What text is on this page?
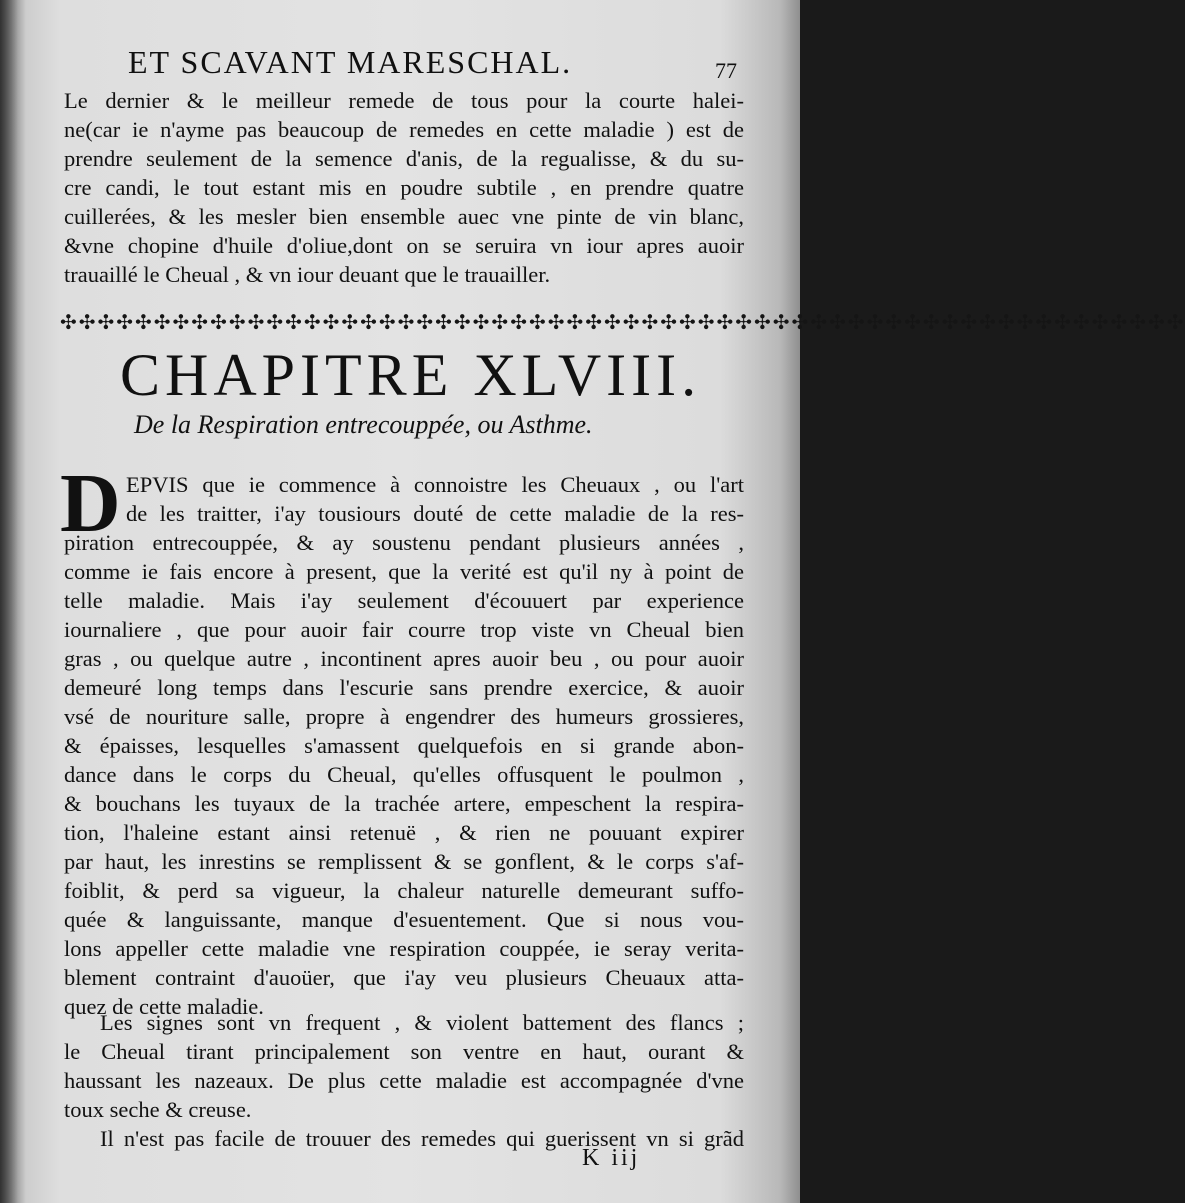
ET SCAVANT MARESCHAL.	77
Le dernier & le meilleur remede de tous pour la courte halei-
ne(car ie n'ayme pas beaucoup de remedes en cette maladie ) est de
prendre seulement de la semence d'anis, de la regualisse, & du su-
cre candi, le tout estant mis en poudre subtile , en prendre quatre
cuillerées, & les mesler bien ensemble auec vne pinte de vin blanc,
&vne chopine d'huile d'oliue,dont on se seruira vn iour apres auoir
trauaillé le Cheual , & vn iour deuant que le trauailler.
✣✣✣✣✣✣✣✣✣✣✣✣✣✣✣✣✣✣✣✣✣✣✣✣✣✣✣✣✣✣✣✣✣✣✣✣✣✣✣✣✣✣✣✣✣✣✣✣✣✣✣✣✣✣✣✣✣✣✣✣
CHAPITRE XLVIII.
De la Respiration entrecouppée, ou Asthme.
D EPVIS que ie commence à connoistre les Cheuaux , ou l'art
de les traitter, i'ay tousiours douté de cette maladie de la res-
piration entrecouppée, & ay soustenu pendant plusieurs années ,
comme ie fais encore à present, que la verité est qu'il ny à point de
telle maladie. Mais i'ay seulement d'écouuert par experience
iournaliere , que pour auoir fair courre trop viste vn Cheual bien
gras , ou quelque autre , incontinent apres auoir beu , ou pour auoir
demeuré long temps dans l'escurie sans prendre exercice, & auoir
vsé de nouriture salle, propre à engendrer des humeurs grossieres,
& épaisses, lesquelles s'amassent quelquefois en si grande abon-
dance dans le corps du Cheual, qu'elles offusquent le poulmon ,
& bouchans les tuyaux de la trachée artere, empeschent la respira-
tion, l'haleine estant ainsi retenuë , & rien ne pouuant expirer
par haut, les inrestins se remplissent & se gonflent, & le corps s'af-
foiblit, & perd sa vigueur, la chaleur naturelle demeurant suffo-
quée & languissante, manque d'esuentement. Que si nous vou-
lons appeller cette maladie vne respiration couppée, ie seray verita-
blement contraint d'auoüer, que i'ay veu plusieurs Cheuaux atta-
quez de cette maladie.
Les signes sont vn frequent , & violent battement des flancs ;
le Cheual tirant principalement son ventre en haut, ourant &
haussant les nazeaux. De plus cette maladie est accompagnée d'vne
toux seche & creuse.
Il n'est pas facile de trouuer des remedes qui guerissent vn si grãd
K iij
